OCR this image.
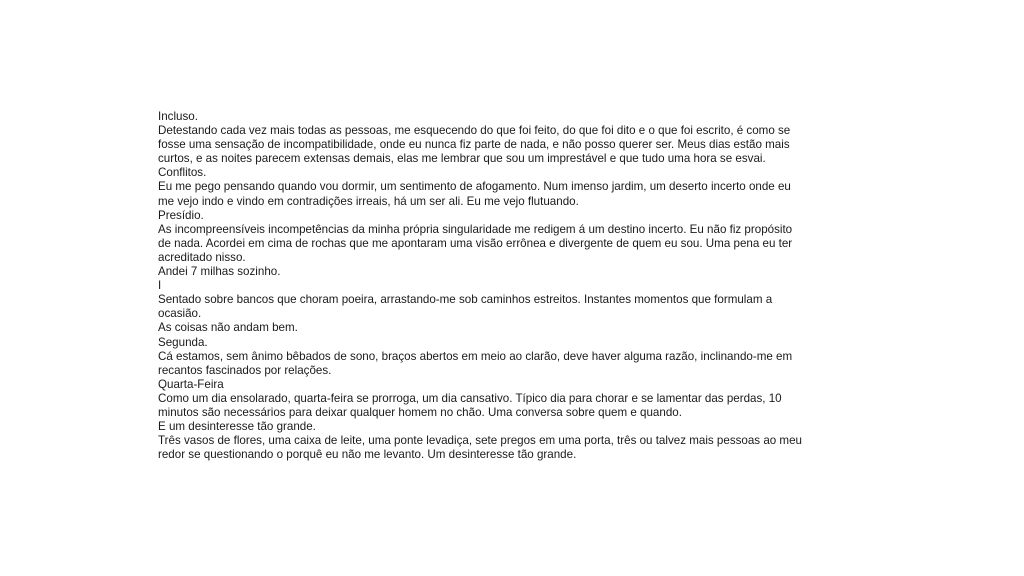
Incluso.

Detestando cada vez mais todas as pessoas, me esquecendo do que foi feito, do que foi dito e o que foi escrito, é como se fosse uma sensação de incompatibilidade, onde eu nunca fiz parte de nada, e não posso querer ser. Meus dias estão mais curtos, e as noites parecem extensas demais, elas me lembrar que sou um imprestável e que tudo uma hora se esvai.

Conflitos.

Eu me pego pensando quando vou dormir, um sentimento de afogamento. Num imenso jardim, um deserto incerto onde eu me vejo indo e vindo em contradições irreais, há um ser ali. Eu me vejo flutuando.

Presídio.

As incompreensíveis incompetências da minha própria singularidade me redigem á um destino incerto. Eu não fiz propósito de nada. Acordei em cima de rochas que me apontaram uma visão errônea e divergente de quem eu sou. Uma pena eu ter acreditado nisso.

Andei 7 milhas sozinho.

I

Sentado sobre bancos que choram poeira, arrastando-me sob caminhos estreitos. Instantes momentos que formulam a ocasião.

As coisas não andam bem.

Segunda.

Cá estamos, sem ânimo bêbados de sono, braços abertos em meio ao clarão, deve haver alguma razão, inclinando-me em recantos fascinados por relações.

Quarta-Feira

Como um dia ensolarado, quarta-feira se prorroga, um dia cansativo. Típico dia para chorar e se lamentar das perdas, 10 minutos são necessários para deixar qualquer homem no chão. Uma conversa sobre quem e quando.

E um desinteresse tão grande.

Três vasos de flores, uma caixa de leite, uma ponte levadiça, sete pregos em uma porta, três ou talvez mais pessoas ao meu redor se questionando o porquê eu não me levanto. Um desinteresse tão grande.
